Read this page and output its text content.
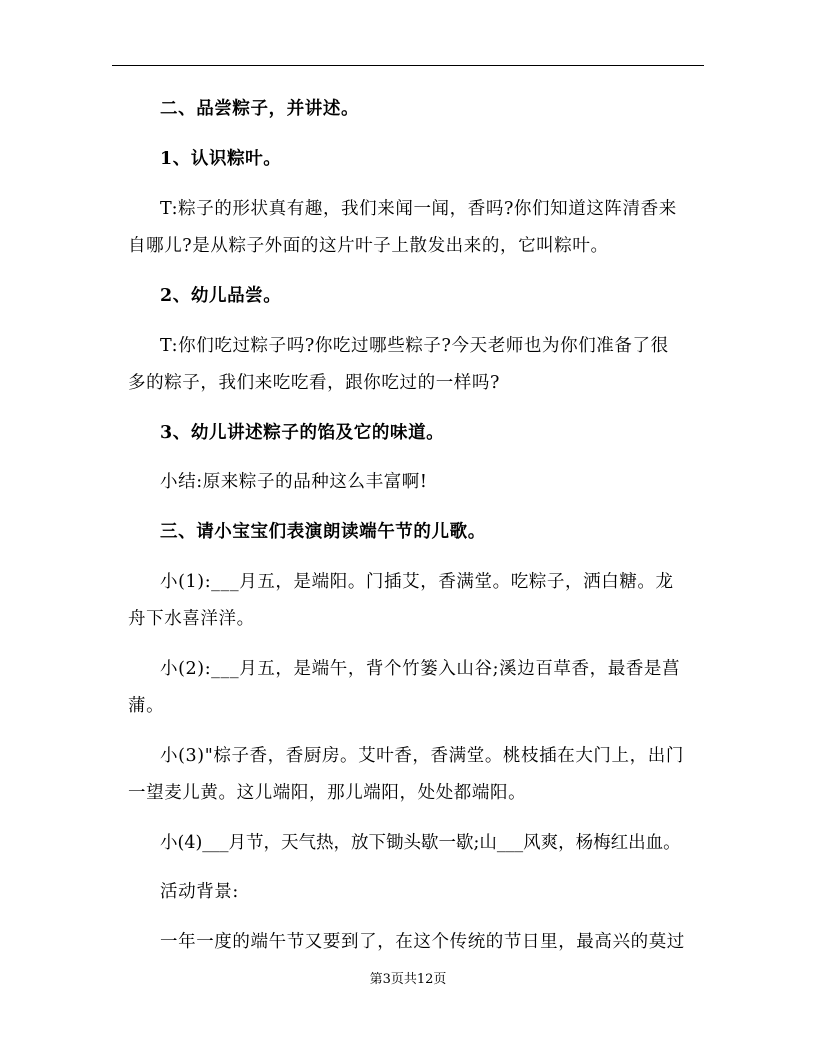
二、品尝粽子，并讲述。
1、认识粽叶。
T:粽子的形状真有趣，我们来闻一闻，香吗?你们知道这阵清香来
自哪儿?是从粽子外面的这片叶子上散发出来的，它叫粽叶。
2、幼儿品尝。
T:你们吃过粽子吗?你吃过哪些粽子?今天老师也为你们准备了很
多的粽子，我们来吃吃看，跟你吃过的一样吗?
3、幼儿讲述粽子的馅及它的味道。
小结:原来粽子的品种这么丰富啊!
三、请小宝宝们表演朗读端午节的儿歌。
小(1):___月五，是端阳。门插艾，香满堂。吃粽子，洒白糖。龙
舟下水喜洋洋。
小(2):___月五，是端午，背个竹篓入山谷;溪边百草香，最香是菖
蒲。
小(3)"棕子香，香厨房。艾叶香，香满堂。桃枝插在大门上，出门
一望麦儿黄。这儿端阳，那儿端阳，处处都端阳。
小(4)___月节，天气热，放下锄头歇一歇;山___风爽，杨梅红出血。
活动背景:
一年一度的端午节又要到了，在这个传统的节日里，最高兴的莫过
第3页共12页
